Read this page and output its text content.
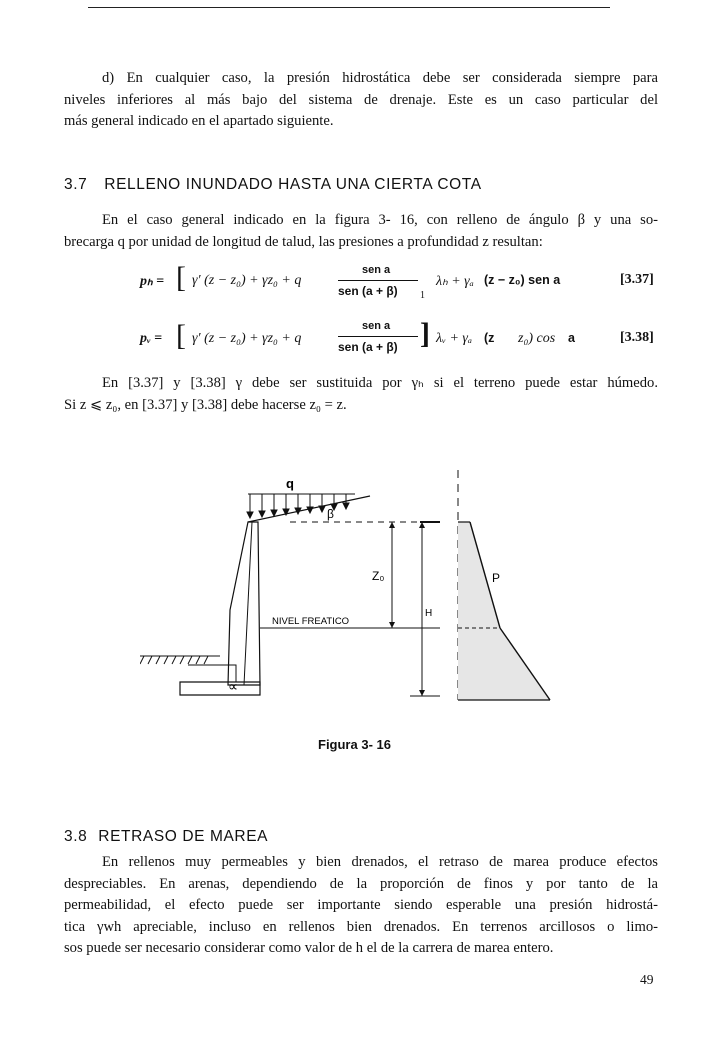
d) En cualquier caso, la presión hidrostática debe ser considerada siempre para
niveles inferiores al más bajo del sistema de drenaje. Este es un caso particular del
más general indicado en el apartado siguiente.
3.7 RELLENO INUNDADO HASTA UNA CIERTA COTA
En el caso general indicado en la figura 3- 16, con relleno de ángulo β y una so-
brecarga q por unidad de longitud de talud, las presiones a profundidad z resultan:
pₕ = [ γ′ (z − z₀) + γz₀ + q
sen a
sen (a + β) 1
λₕ + γₐ (z − z₀) sen a	[3.37]
pᵥ = [ γ′ (z − z₀) + γz₀ + q
sen a
sen (a + β) ] λᵥ + γₐ (z z₀) cos a	[3.38]
En [3.37] y [3.38] γ debe ser sustituida por γₕ si el terreno puede estar húmedo.
Si z ⩽ z₀, en [3.37] y [3.38] debe hacerse z₀ = z.
q
β
∝
NIVEL FREATICO
Z₀
H
P
Figura 3- 16
3.8 RETRASO DE MAREA
En rellenos muy permeables y bien drenados, el retraso de marea produce efectos
despreciables. En arenas, dependiendo de la proporción de finos y por tanto de la
permeabilidad, el efecto puede ser importante siendo esperable una presión hidrostá-
tica γwh apreciable, incluso en rellenos bien drenados. En terrenos arcillosos o limo-
sos puede ser necesario considerar como valor de h el de la carrera de marea entero.
49
